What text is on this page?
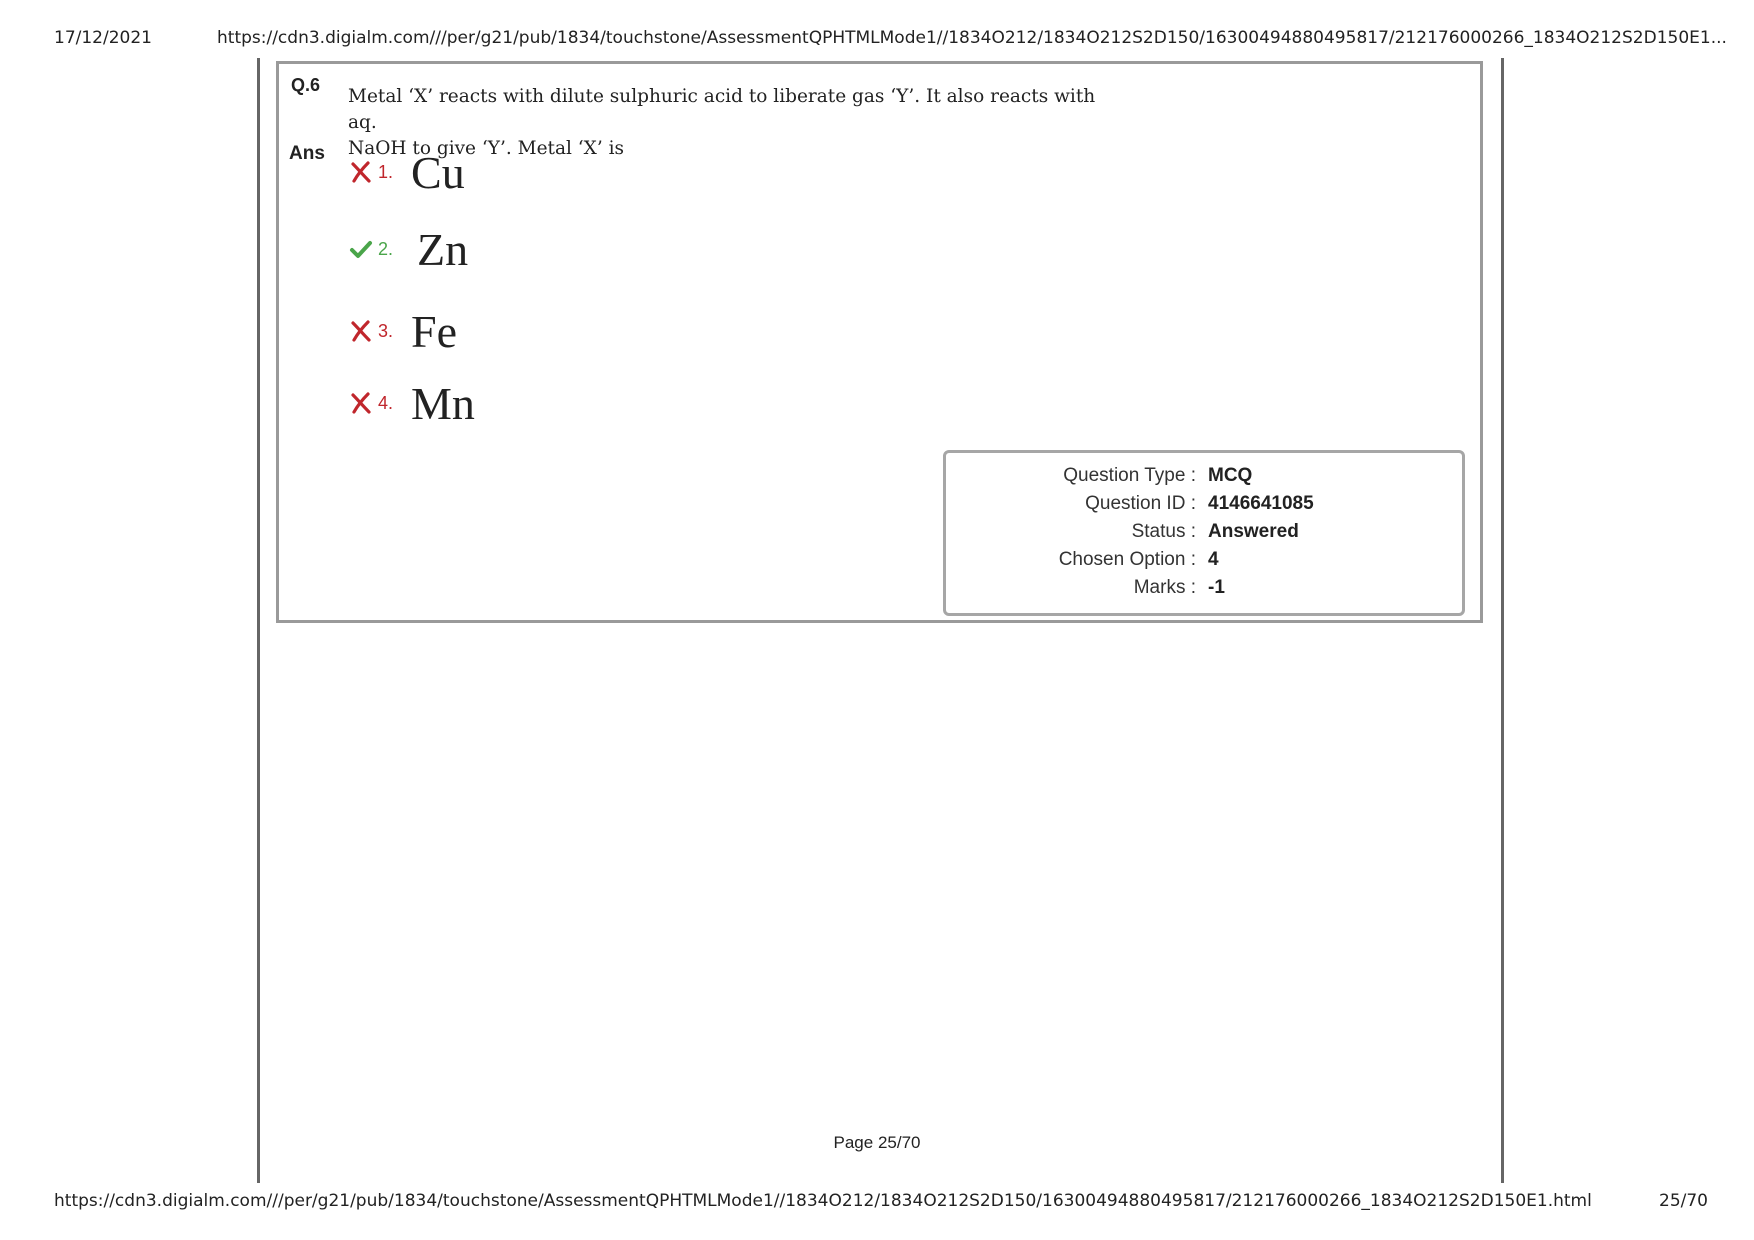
17/12/2021	https://cdn3.digialm.com///per/g21/pub/1834/touchstone/AssessmentQPHTMLMode1//1834O212/1834O212S2D150/16300494880495817/212176000266_1834O212S2D150E1...
Q.6
Metal ‘X’ reacts with dilute sulphuric acid to liberate gas ‘Y’. It also reacts with aq.
NaOH to give ‘Y’. Metal ‘X’ is
Ans
1. Cu
2. Zn
3. Fe
4. Mn
Question Type : MCQ
Question ID : 4146641085
Status : Answered
Chosen Option : 4
Marks : -1
Page 25/70
https://cdn3.digialm.com///per/g21/pub/1834/touchstone/AssessmentQPHTMLMode1//1834O212/1834O212S2D150/16300494880495817/212176000266_1834O212S2D150E1.html	25/70
